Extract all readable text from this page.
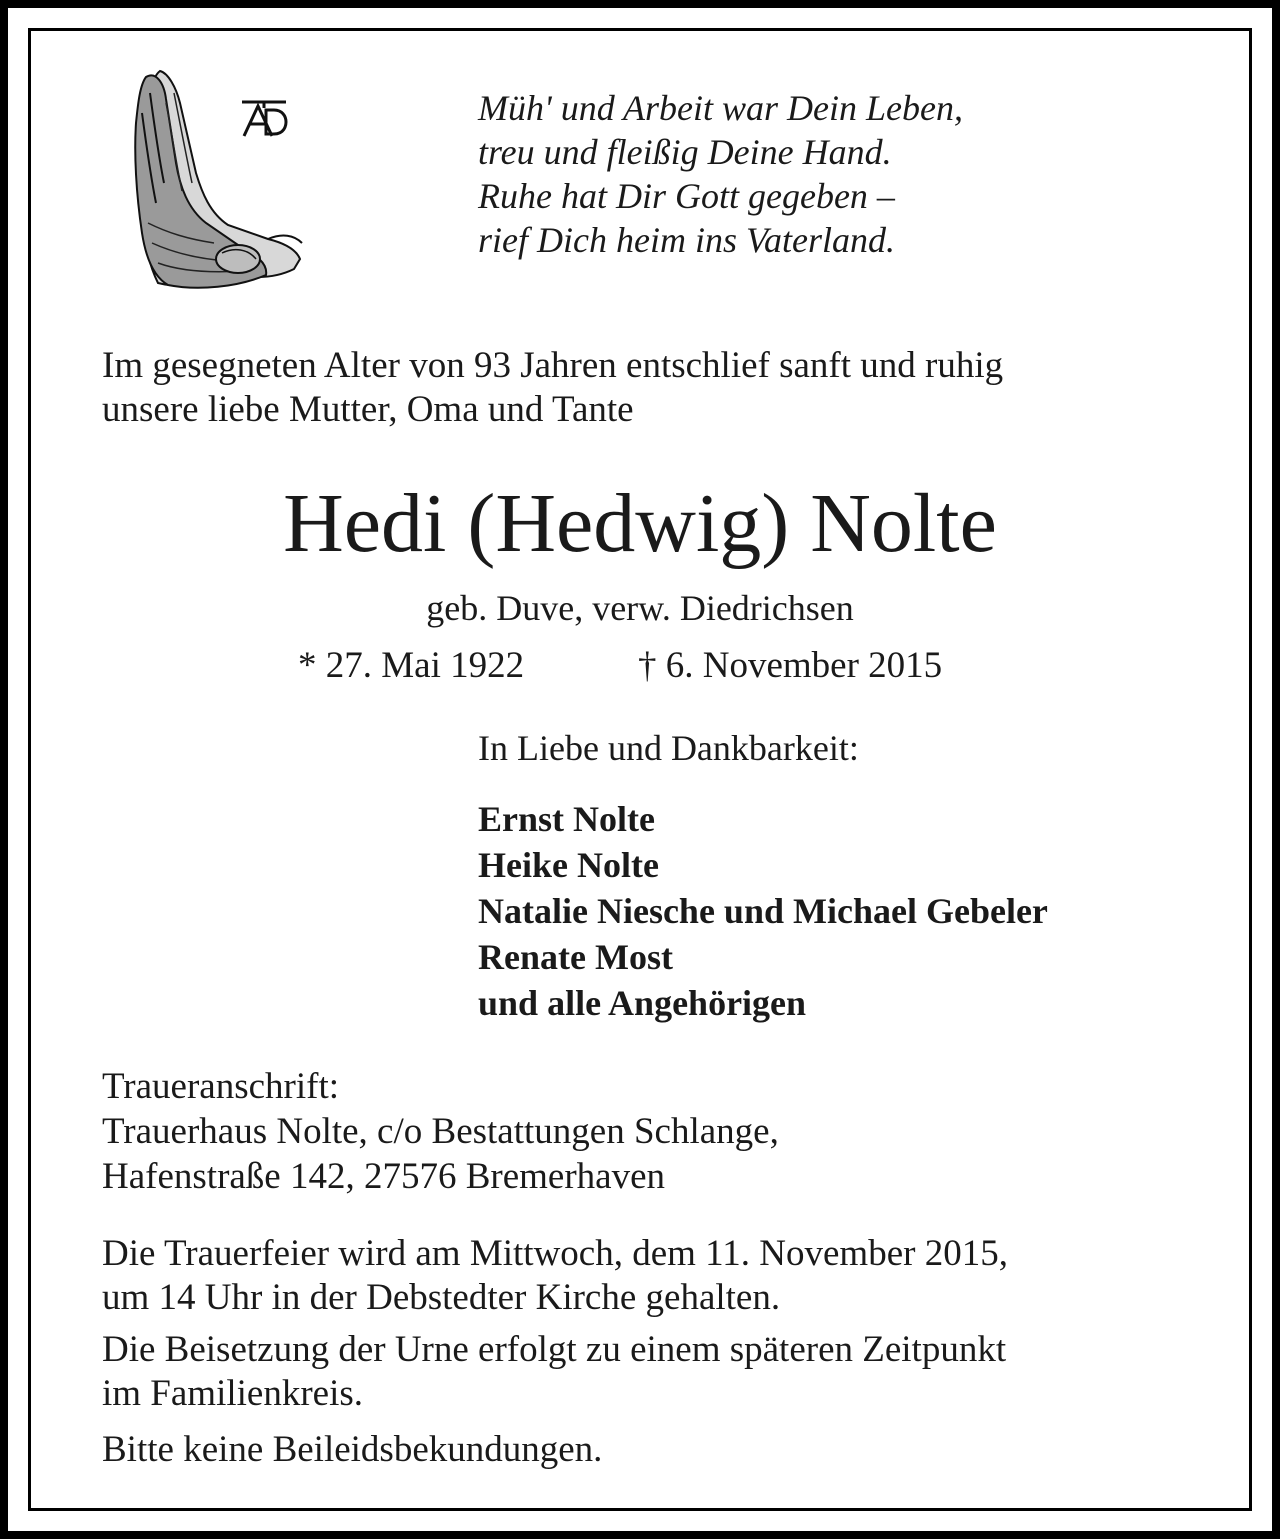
Müh' und Arbeit war Dein Leben,
treu und fleißig Deine Hand.
Ruhe hat Dir Gott gegeben –
rief Dich heim ins Vaterland.
Im gesegneten Alter von 93 Jahren entschlief sanft und ruhig
unsere liebe Mutter, Oma und Tante
Hedi (Hedwig) Nolte
geb. Duve, verw. Diedrichsen
* 27. Mai 1922	† 6. November 2015
In Liebe und Dankbarkeit:
Ernst Nolte
Heike Nolte
Natalie Niesche und Michael Gebeler
Renate Most
und alle Angehörigen
Traueranschrift:
Trauerhaus Nolte, c/o Bestattungen Schlange,
Hafenstraße 142, 27576 Bremerhaven
Die Trauerfeier wird am Mittwoch, dem 11. November 2015,
um 14 Uhr in der Debstedter Kirche gehalten.
Die Beisetzung der Urne erfolgt zu einem späteren Zeitpunkt
im Familienkreis.
Bitte keine Beileidsbekundungen.
